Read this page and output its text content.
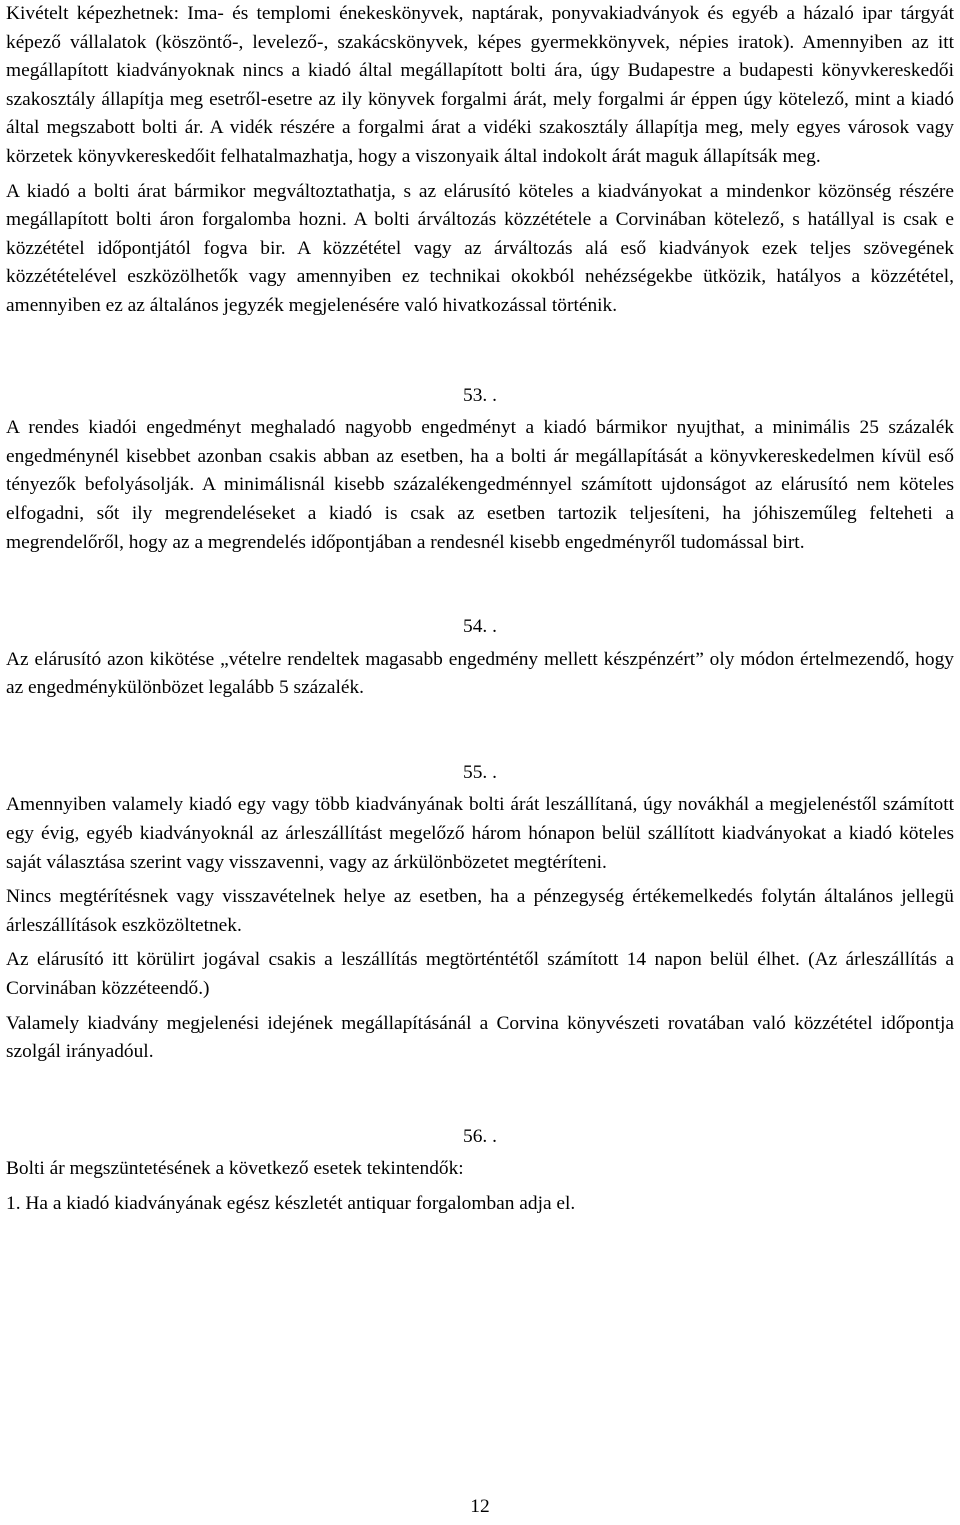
Kivételt képezhetnek: Ima- és templomi énekeskönyvek, naptárak, ponyvakiadványok és egyéb a házaló ipar tárgyát képező vállalatok (köszöntő-, levelező-, szakácskönyvek, képes gyermekkönyvek, népies iratok). Amennyiben az itt megállapított kiadványoknak nincs a kiadó által megállapított bolti ára, úgy Budapestre a budapesti könyvkereskedői szakosztály állapítja meg esetről-esetre az ily könyvek forgalmi árát, mely forgalmi ár éppen úgy kötelező, mint a kiadó által megszabott bolti ár. A vidék részére a forgalmi árat a vidéki szakosztály állapítja meg, mely egyes városok vagy körzetek könyvkereskedőit felhatalmazhatja, hogy a viszonyaik által indokolt árát maguk állapítsák meg.

A kiadó a bolti árat bármikor megváltoztathatja, s az elárusító köteles a kiadványokat a mindenkor közönség részére megállapított bolti áron forgalomba hozni. A bolti árváltozás közzététele a Corvinában kötelező, s hatállyal is csak e közzététel időpontjától fogva bir. A közzététel vagy az árváltozás alá eső kiadványok ezek teljes szövegének közzétételével eszközölhetők vagy amennyiben ez technikai okokból nehézségekbe ütközik, hatályos a közzététel, amennyiben ez az általános jegyzék megjelenésére való hivatkozással történik.

53. .

A rendes kiadói engedményt meghaladó nagyobb engedményt a kiadó bármikor nyujthat, a minimális 25 százalék engedménynél kisebbet azonban csakis abban az esetben, ha a bolti ár megállapítását a könyvkereskedelmen kívül eső tényezők befolyásolják. A minimálisnál kisebb százalékengedménnyel számított ujdonságot az elárusító nem köteles elfogadni, sőt ily megrendeléseket a kiadó is csak az esetben tartozik teljesíteni, ha jóhiszeműleg felteheti a megrendelőről, hogy az a megrendelés időpontjában a rendesnél kisebb engedményről tudomással birt.

54. .

Az elárusító azon kikötése „vételre rendeltek magasabb engedmény mellett készpénzért” oly módon értelmezendő, hogy az engedménykülönbözet legalább 5 százalék.

55. .

Amennyiben valamely kiadó egy vagy több kiadványának bolti árát leszállítaná, úgy novákhál a megjelenéstől számított egy évig, egyéb kiadványoknál az árleszállítást megelőző három hónapon belül szállított kiadványokat a kiadó köteles saját választása szerint vagy visszavenni, vagy az árkülönbözetet megtéríteni.

Nincs megtérítésnek vagy visszavételnek helye az esetben, ha a pénzegység értékemelkedés folytán általános jellegü árleszállítások eszközöltetnek.

Az elárusító itt körülirt jogával csakis a leszállítás megtörténtétől számított 14 napon belül élhet. (Az árleszállítás a Corvinában közzéteendő.)

Valamely kiadvány megjelenési idejének megállapításánál a Corvina könyvészeti rovatában való közzététel időpontja szolgál irányadóul.

56. .

Bolti ár megszüntetésének a következő esetek tekintendők:

1. Ha a kiadó kiadványának egész készletét antiquar forgalomban adja el.

12
